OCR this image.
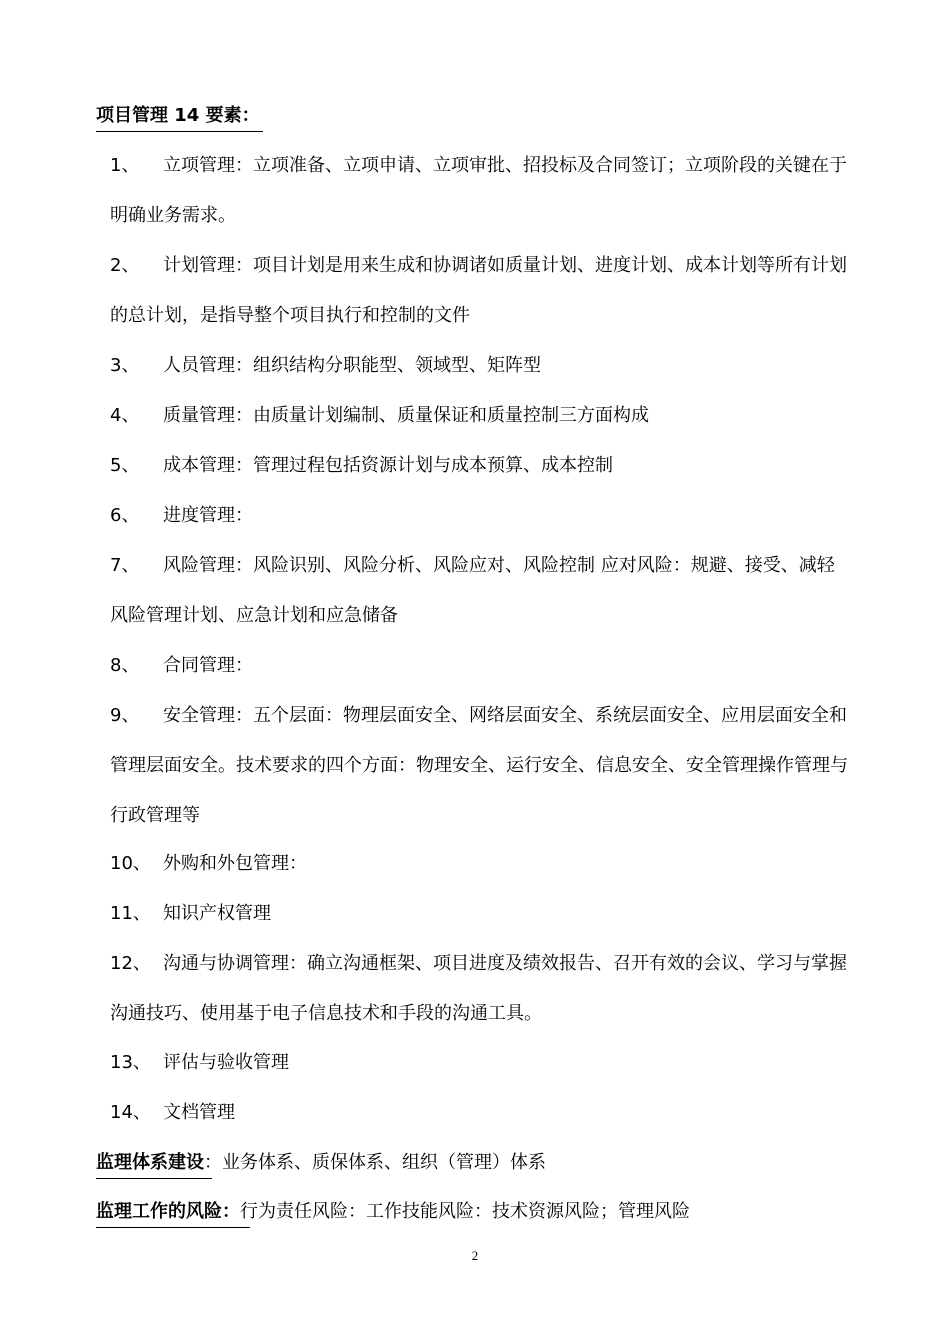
项目管理 14 要素：
1、	立项管理：立项准备、立项申请、立项审批、招投标及合同签订；立项阶段的关键在于明确业务需求。
2、	计划管理：项目计划是用来生成和协调诸如质量计划、进度计划、成本计划等所有计划的总计划，是指导整个项目执行和控制的文件
3、	人员管理：组织结构分职能型、领域型、矩阵型
4、	质量管理：由质量计划编制、质量保证和质量控制三方面构成
5、	成本管理：管理过程包括资源计划与成本预算、成本控制
6、	进度管理：
7、	风险管理：风险识别、风险分析、风险应对、风险控制 应对风险：规避、接受、减轻 风险管理计划、应急计划和应急储备
8、	合同管理：
9、	安全管理：五个层面：物理层面安全、网络层面安全、系统层面安全、应用层面安全和管理层面安全。技术要求的四个方面：物理安全、运行安全、信息安全、安全管理操作管理与行政管理等
10、 外购和外包管理：
11、 知识产权管理
12、 沟通与协调管理：确立沟通框架、项目进度及绩效报告、召开有效的会议、学习与掌握沟通技巧、使用基于电子信息技术和手段的沟通工具。
13、 评估与验收管理
14、 文档管理
监理体系建设：业务体系、质保体系、组织（管理）体系
监理工作的风险：行为责任风险：工作技能风险：技术资源风险；管理风险
2
